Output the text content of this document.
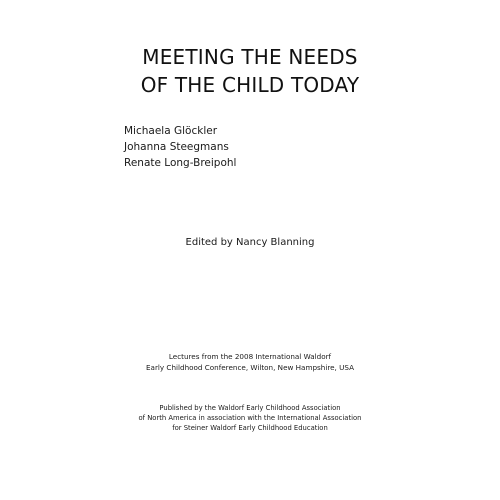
MEETING THE NEEDS
OF THE CHILD TODAY
Michaela Glöckler
Johanna Steegmans
Renate Long-Breipohl
Edited by Nancy Blanning
Lectures from the 2008 International Waldorf
Early Childhood Conference, Wilton, New Hampshire, USA
Published by the Waldorf Early Childhood Association
of North America in association with the International Association
for Steiner Waldorf Early Childhood Education
